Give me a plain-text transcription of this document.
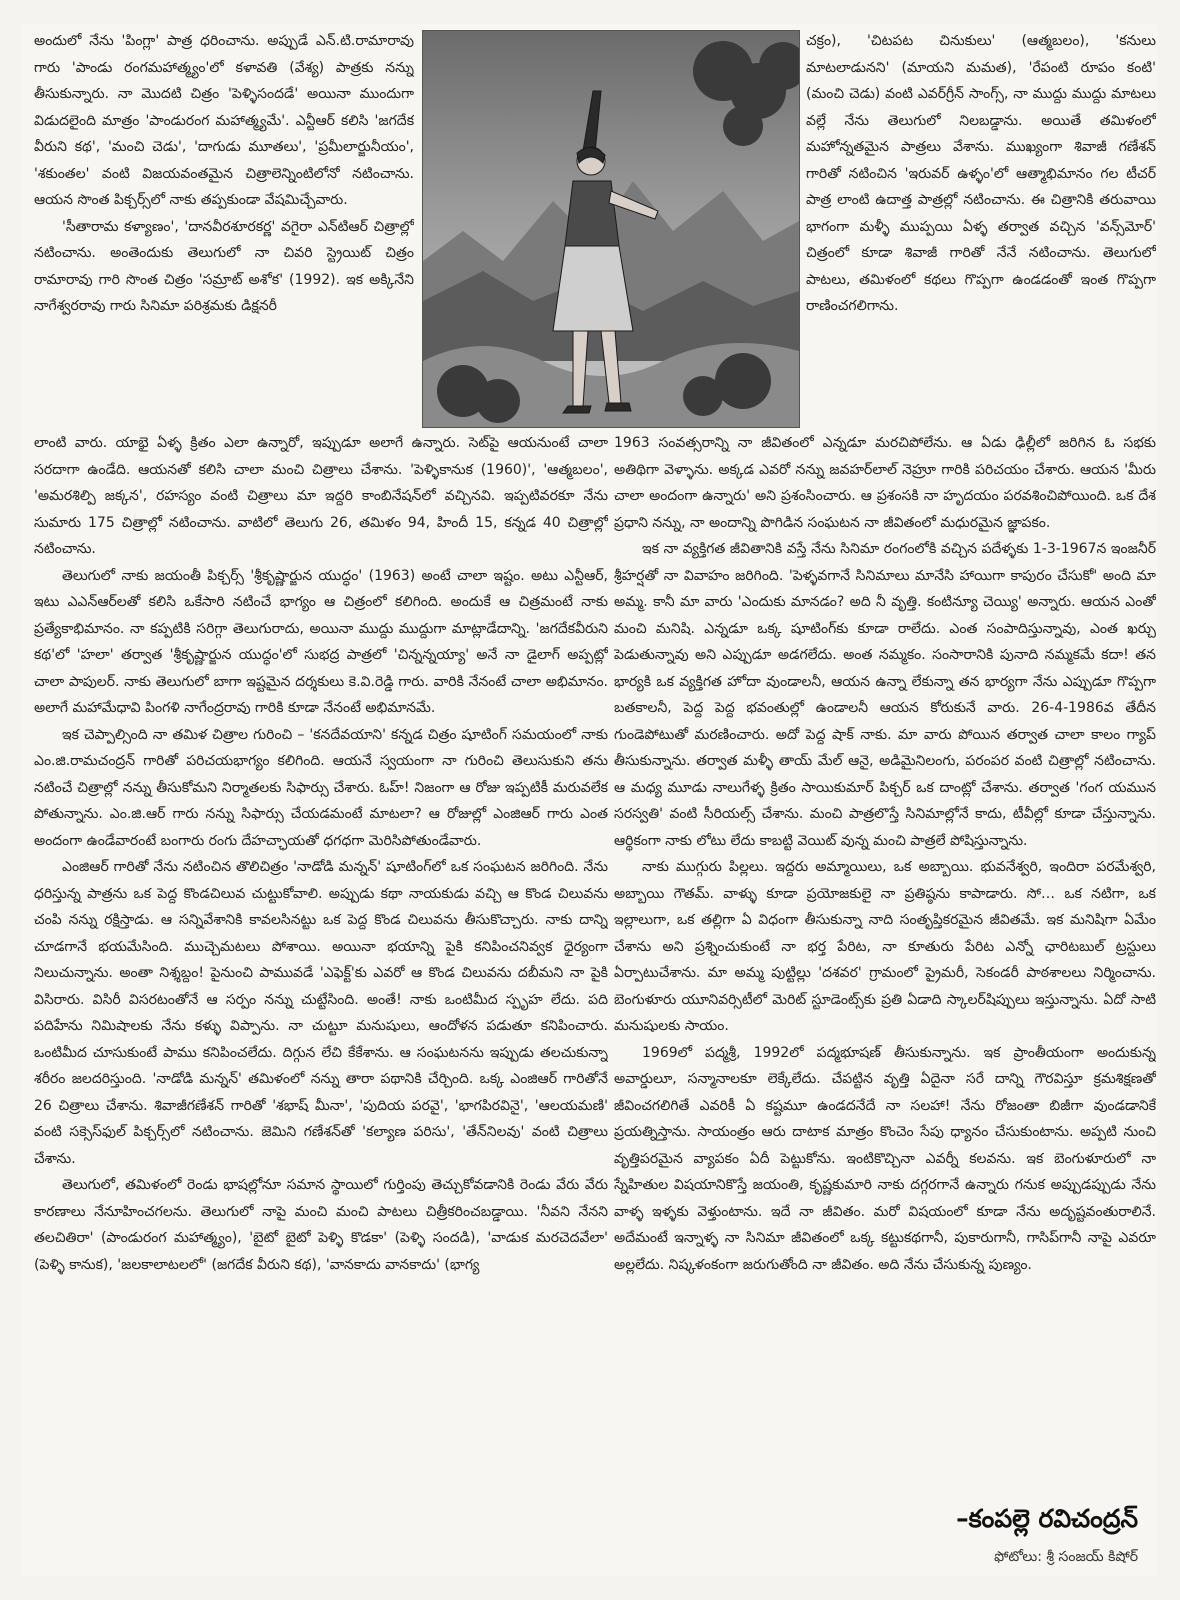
అందులో నేను 'పింగ్లా' పాత్ర ధరించాను. అప్పుడే ఎన్.టి.రామారావు గారు 'పాండు రంగమహాత్మ్యం'లో కళావతి (వేశ్య) పాత్రకు నన్ను తీసుకున్నారు. నా మొదటి చిత్రం 'పెళ్ళిసందడే' అయినా ముందుగా విడుదలైంది మాత్రం 'పాండురంగ మహాత్మ్యమే'. ఎన్టీఆర్ కలిసి 'జగదేక వీరుని కథ', 'మంచి చెడు', 'దాగుడు మూతలు', 'ప్రమీలార్జునీయం', 'శకుంతల' వంటి విజయవంతమైన చిత్రాలెన్నింటిలోనో నటించాను. ఆయన సొంత పిక్చర్స్‌లో నాకు తప్పకుండా వేషమిచ్చేవారు.

'సీతారామ కళ్యాణం', 'దానవీరశూరకర్ణ' వగైరా ఎన్‌టిఆర్ చిత్రాల్లో నటించాను. అంతెందుకు తెలుగులో నా చివరి స్ట్రెయిట్ చిత్రం రామారావు గారి సొంత చిత్రం 'సమ్రాట్ అశోక' (1992). ఇక అక్కినేని నాగేశ్వరరావు గారు సినిమా పరిశ్రమకు డిక్షనరీ

చక్రం), 'చిటపట చినుకులు' (ఆత్మబలం), 'కనులు మాటలాడునని' (మాయని మమత), 'రేపంటి రూపం కంటి' (మంచి చెడు) వంటి ఎవర్‌గ్రీన్ సాంగ్స్, నా ముద్దు ముద్దు మాటలు వల్లే నేను తెలుగులో నిలబడ్డాను. అయితే తమిళంలో మహోన్నతమైన పాత్రలు వేశాను. ముఖ్యంగా శివాజీ గణేశన్ గారితో నటించిన 'ఇరువర్ ఉళ్ళం'లో ఆత్మాభిమానం గల టీచర్ పాత్ర లాంటి ఉదాత్త పాత్రల్లో నటించాను. ఈ చిత్రానికి తరువాయి భాగంగా మళ్ళీ ముప్పయి ఏళ్ళ తర్వాత వచ్చిన 'వన్స్‌మోర్' చిత్రంలో కూడా శివాజీ గారితో నేనే నటించాను. తెలుగులో పాటలు, తమిళంలో కథలు గొప్పగా ఉండడంతో ఇంత గొప్పగా రాణించగలిగాను.

లాంటి వారు. యాభై ఏళ్ళ క్రితం ఎలా ఉన్నారో, ఇప్పుడూ అలాగే ఉన్నారు. సెట్‌పై ఆయనుంటే చాలా సరదాగా ఉండేది. ఆయనతో కలిసి చాలా మంచి చిత్రాలు చేశాను. 'పెళ్ళికానుక (1960)', 'ఆత్మబలం', 'అమరశిల్పి జక్కన', రహస్యం వంటి చిత్రాలు మా ఇద్దరి కాంబినేషన్‌లో వచ్చినవి. ఇప్పటివరకూ నేను సుమారు 175 చిత్రాల్లో నటించాను. వాటిలో తెలుగు 26, తమిళం 94, హిందీ 15, కన్నడ 40 చిత్రాల్లో నటించాను.

తెలుగులో నాకు జయంతీ పిక్చర్స్ 'శ్రీకృష్ణార్జున యుద్ధం' (1963) అంటే చాలా ఇష్టం. అటు ఎన్టీఆర్, ఇటు ఎఎన్ఆర్‌లతో కలిసి ఒకేసారి నటించే భాగ్యం ఆ చిత్రంలో కలిగింది. అందుకే ఆ చిత్రమంటే నాకు ప్రత్యేకాభిమానం. నా కప్పటికి సరిగ్గా తెలుగురాదు, అయినా ముద్దు ముద్దుగా మాట్లాడేదాన్ని. 'జగదేకవీరుని కథ'లో 'హలా' తర్వాత 'శ్రీకృష్ణార్జున యుద్ధం'లో సుభద్ర పాత్రలో 'చిన్నన్నయ్యా' అనే నా డైలాగ్ అప్పట్లో చాలా పాపులర్. నాకు తెలుగులో బాగా ఇష్టమైన దర్శకులు కె.వి.రెడ్డి గారు. వారికి నేనంటే చాలా అభిమానం. అలాగే మహామేధావి పింగళి నాగేంద్రరావు గారికి కూడా నేనంటే అభిమానమే.

ఇక చెప్పాల్సింది నా తమిళ చిత్రాల గురించి – 'కనదేవయాని' కన్నడ చిత్రం షూటింగ్ సమయంలో నాకు ఎం.జి.రామచంద్రన్ గారితో పరిచయభాగ్యం కలిగింది. ఆయనే స్వయంగా నా గురించి తెలుసుకుని తను నటించే చిత్రాల్లో నన్ను తీసుకోమని నిర్మాతలకు సిఫార్సు చేశారు. ఓహ్! నిజంగా ఆ రోజు ఇప్పటికీ మరువలేక పోతున్నాను. ఎం.జి.ఆర్ గారు నన్ను సిఫార్సు చేయడమంటే మాటలా? ఆ రోజుల్లో ఎంజిఆర్ గారు ఎంత అందంగా ఉండేవారంటే బంగారు రంగు దేహచ్ఛాయతో ధగధగా మెరిసిపోతుండేవారు.

ఎంజిఆర్ గారితో నేను నటించిన తొలిచిత్రం 'నాడోడి మన్నన్' షూటింగ్‌లో ఒక సంఘటన జరిగింది. నేను ధరిస్తున్న పాత్రను ఒక పెద్ద కొండచిలువ చుట్టుకోవాలి. అప్పుడు కథా నాయకుడు వచ్చి ఆ కొండ చిలువను చంపి నన్ను రక్షిస్తాడు. ఆ సన్నివేశానికి కావలసినట్టు ఒక పెద్ద కొండ చిలువను తీసుకొచ్చారు. నాకు దాన్ని చూడగానే భయమేసింది. ముచ్చెమటలు పోశాయి. అయినా భయాన్ని పైకి కనిపించనివ్వక ధైర్యంగా నిలుచున్నాను. అంతా నిశ్శబ్దం! పైనుంచి పామువడే 'ఎఫెక్ట్'కు ఎవరో ఆ కొండ చిలువను దబీమని నా పైకి విసిరారు. విసిరీ విసరటంతోనే ఆ సర్పం నన్ను చుట్టేసింది. అంతే! నాకు ఒంటిమీద స్పృహ లేదు. పది పదిహేను నిమిషాలకు నేను కళ్ళు విప్పాను. నా చుట్టూ మనుషులు, ఆందోళన పడుతూ కనిపించారు. ఒంటిమీద చూసుకుంటే పాము కనిపించలేదు. దిగ్గున లేచి కేకేశాను. ఆ సంఘటనను ఇప్పుడు తలచుకున్నా శరీరం జలదరిస్తుంది. 'నాడోడి మన్నన్' తమిళంలో నన్ను తారా పథానికి చేర్చింది. ఒక్క ఎంజిఆర్ గారితోనే 26 చిత్రాలు చేశాను. శివాజీగణేశన్ గారితో 'శభాష్ మీనా', 'పుదియ పరవై', 'భాగపిరవినై', 'ఆలయమణి' వంటి సక్సెస్‌ఫుల్ పిక్చర్స్‌లో నటించాను. జెమిని గణేశన్‌తో 'కల్యాణ పరిసు', 'తేన్‌నిలవు' వంటి చిత్రాలు చేశాను.

తెలుగులో, తమిళంలో రెండు భాషల్లోనూ సమాన స్థాయిలో గుర్తింపు తెచ్చుకోవడానికి రెండు వేరు వేరు కారణాలు నేనూహించగలను. తెలుగులో నాపై మంచి మంచి పాటలు చిత్రీకరించబడ్డాయి. 'నీవని నేనని తలచితిరా' (పాండురంగ మహాత్మ్యం), 'బైటో బైటో పెళ్ళి కొడకా' (పెళ్ళి సందడి), 'వాడుక మరచెదవేలా' (పెళ్ళి కానుక), 'జలకాలాటలలో' (జగదేక వీరుని కథ), 'వానకాదు వానకాదు' (భాగ్య

1963 సంవత్సరాన్ని నా జీవితంలో ఎన్నడూ మరచిపోలేను. ఆ ఏడు ఢిల్లీలో జరిగిన ఓ సభకు అతిథిగా వెళ్ళాను. అక్కడ ఎవరో నన్ను జవహర్‌లాల్ నెహ్రూ గారికి పరిచయం చేశారు. ఆయన 'మీరు చాలా అందంగా ఉన్నారు' అని ప్రశంసించారు. ఆ ప్రశంసకి నా హృదయం పరవశించిపోయింది. ఒక దేశ ప్రధాని నన్ను, నా అందాన్ని పొగిడిన సంఘటన నా జీవితంలో మధురమైన జ్ఞాపకం.

ఇక నా వ్యక్తిగత జీవితానికి వస్తే నేను సినిమా రంగంలోకి వచ్చిన పదేళ్ళకు 1-3-1967న ఇంజనీర్ శ్రీహర్షతో నా వివాహం జరిగింది. 'పెళ్ళవగానే సినిమాలు మానేసి హాయిగా కాపురం చేసుకో' అంది మా అమ్మ. కానీ మా వారు 'ఎందుకు మానడం? అది నీ వృత్తి. కంటిన్యూ చెయ్యి' అన్నారు. ఆయన ఎంతో మంచి మనిషి. ఎన్నడూ ఒక్క షూటింగ్‌కు కూడా రాలేదు. ఎంత సంపాదిస్తున్నావు, ఎంత ఖర్చు పెడుతున్నావు అని ఎప్పుడూ అడగలేదు. అంత నమ్మకం. సంసారానికి పునాది నమ్మకమే కదా! తన భార్యకి ఒక వ్యక్తిగత హోదా వుండాలనీ, ఆయన ఉన్నా లేకున్నా తన భార్యగా నేను ఎప్పుడూ గొప్పగా బతకాలనీ, పెద్ద పెద్ద భవంతుల్లో ఉండాలనీ ఆయన కోరుకునే వారు. 26-4-1986వ తేదీన గుండెపోటుతో మరణించారు. అదో పెద్ద షాక్ నాకు. మా వారు పోయిన తర్వాత చాలా కాలం గ్యాప్ తీసుకున్నాను. తర్వాత మళ్ళీ తాయ్ మేల్ ఆనై, అడిమైనిలంగు, పరంపర వంటి చిత్రాల్లో నటించాను. ఆ మధ్య మూడు నాలుగేళ్ళ క్రితం సాయికుమార్ పిక్చర్ ఒక దాంట్లో చేశాను. తర్వాత 'గంగ యమున సరస్వతి' వంటి సీరియల్స్ చేశాను. మంచి పాత్రలొస్తే సినిమాల్లోనే కాదు, టీవీల్లో కూడా చేస్తున్నాను. ఆర్థికంగా నాకు లోటు లేదు కాబట్టి వెయిట్ వున్న మంచి పాత్రలే పోషిస్తున్నాను.

నాకు ముగ్గురు పిల్లలు. ఇద్దరు అమ్మాయిలు, ఒక అబ్బాయి. భువనేశ్వరి, ఇందిరా పరమేశ్వరి, అబ్బాయి గౌతమ్. వాళ్ళు కూడా ప్రయోజకులై నా ప్రతిష్ఠను కాపాడారు. సో… ఒక నటిగా, ఒక ఇల్లాలుగా, ఒక తల్లిగా ఏ విధంగా తీసుకున్నా నాది సంతృప్తికరమైన జీవితమే. ఇక మనిషిగా ఏమేం చేశాను అని ప్రశ్నించుకుంటే నా భర్త పేరిట, నా కూతురు పేరిట ఎన్నో ఛారిటబుల్ ట్రస్టులు ఏర్పాటుచేశాను. మా అమ్మ పుట్టిల్లు 'దశవర' గ్రామంలో ప్రైమరీ, సెకండరీ పాఠశాలలు నిర్మించాను. బెంగుళూరు యూనివర్సిటీలో మెరిట్ స్టూడెంట్స్‌కు ప్రతి ఏడాది స్కాలర్‌షిప్పులు ఇస్తున్నాను. ఏదో సాటి మనుషులకు సాయం.

1969లో పద్మశ్రీ, 1992లో పద్మభూషణ్ తీసుకున్నాను. ఇక ప్రాంతీయంగా అందుకున్న అవార్డులూ, సన్మానాలకూ లెక్కేలేదు. చేపట్టిన వృత్తి ఏదైనా సరే దాన్ని గౌరవిస్తూ క్రమశిక్షణతో జీవించగలిగితే ఎవరికీ ఏ కష్టమూ ఉండదనేదే నా సలహా! నేను రోజంతా బిజీగా వుండడానికే ప్రయత్నిస్తాను. సాయంత్రం ఆరు దాటాక మాత్రం కొంచెం సేపు ధ్యానం చేసుకుంటాను. అప్పటి నుంచి వృత్తిపరమైన వ్యాపకం ఏదీ పెట్టుకోను. ఇంటికొచ్చినా ఎవర్నీ కలవను. ఇక బెంగుళూరులో నా స్నేహితుల విషయానికొస్తే జయంతి, కృష్ణకుమారి నాకు దగ్గరగానే ఉన్నారు గనుక అప్పుడప్పుడు నేను వాళ్ళ ఇళ్ళకు వెళ్తుంటాను. ఇదే నా జీవితం. మరో విషయంలో కూడా నేను అదృష్టవంతురాలినే. అదేమంటే ఇన్నాళ్ళ నా సినిమా జీవితంలో ఒక్క కట్టుకథగానీ, పుకారుగానీ, గాసిప్‌గానీ నాపై ఎవరూ అల్లలేదు. నిష్కళంకంగా జరుగుతోంది నా జీవితం. అది నేను చేసుకున్న పుణ్యం.

–కంపల్లె రవిచంద్రన్
ఫోటోలు: శ్రీ సంజయ్ కిషోర్
